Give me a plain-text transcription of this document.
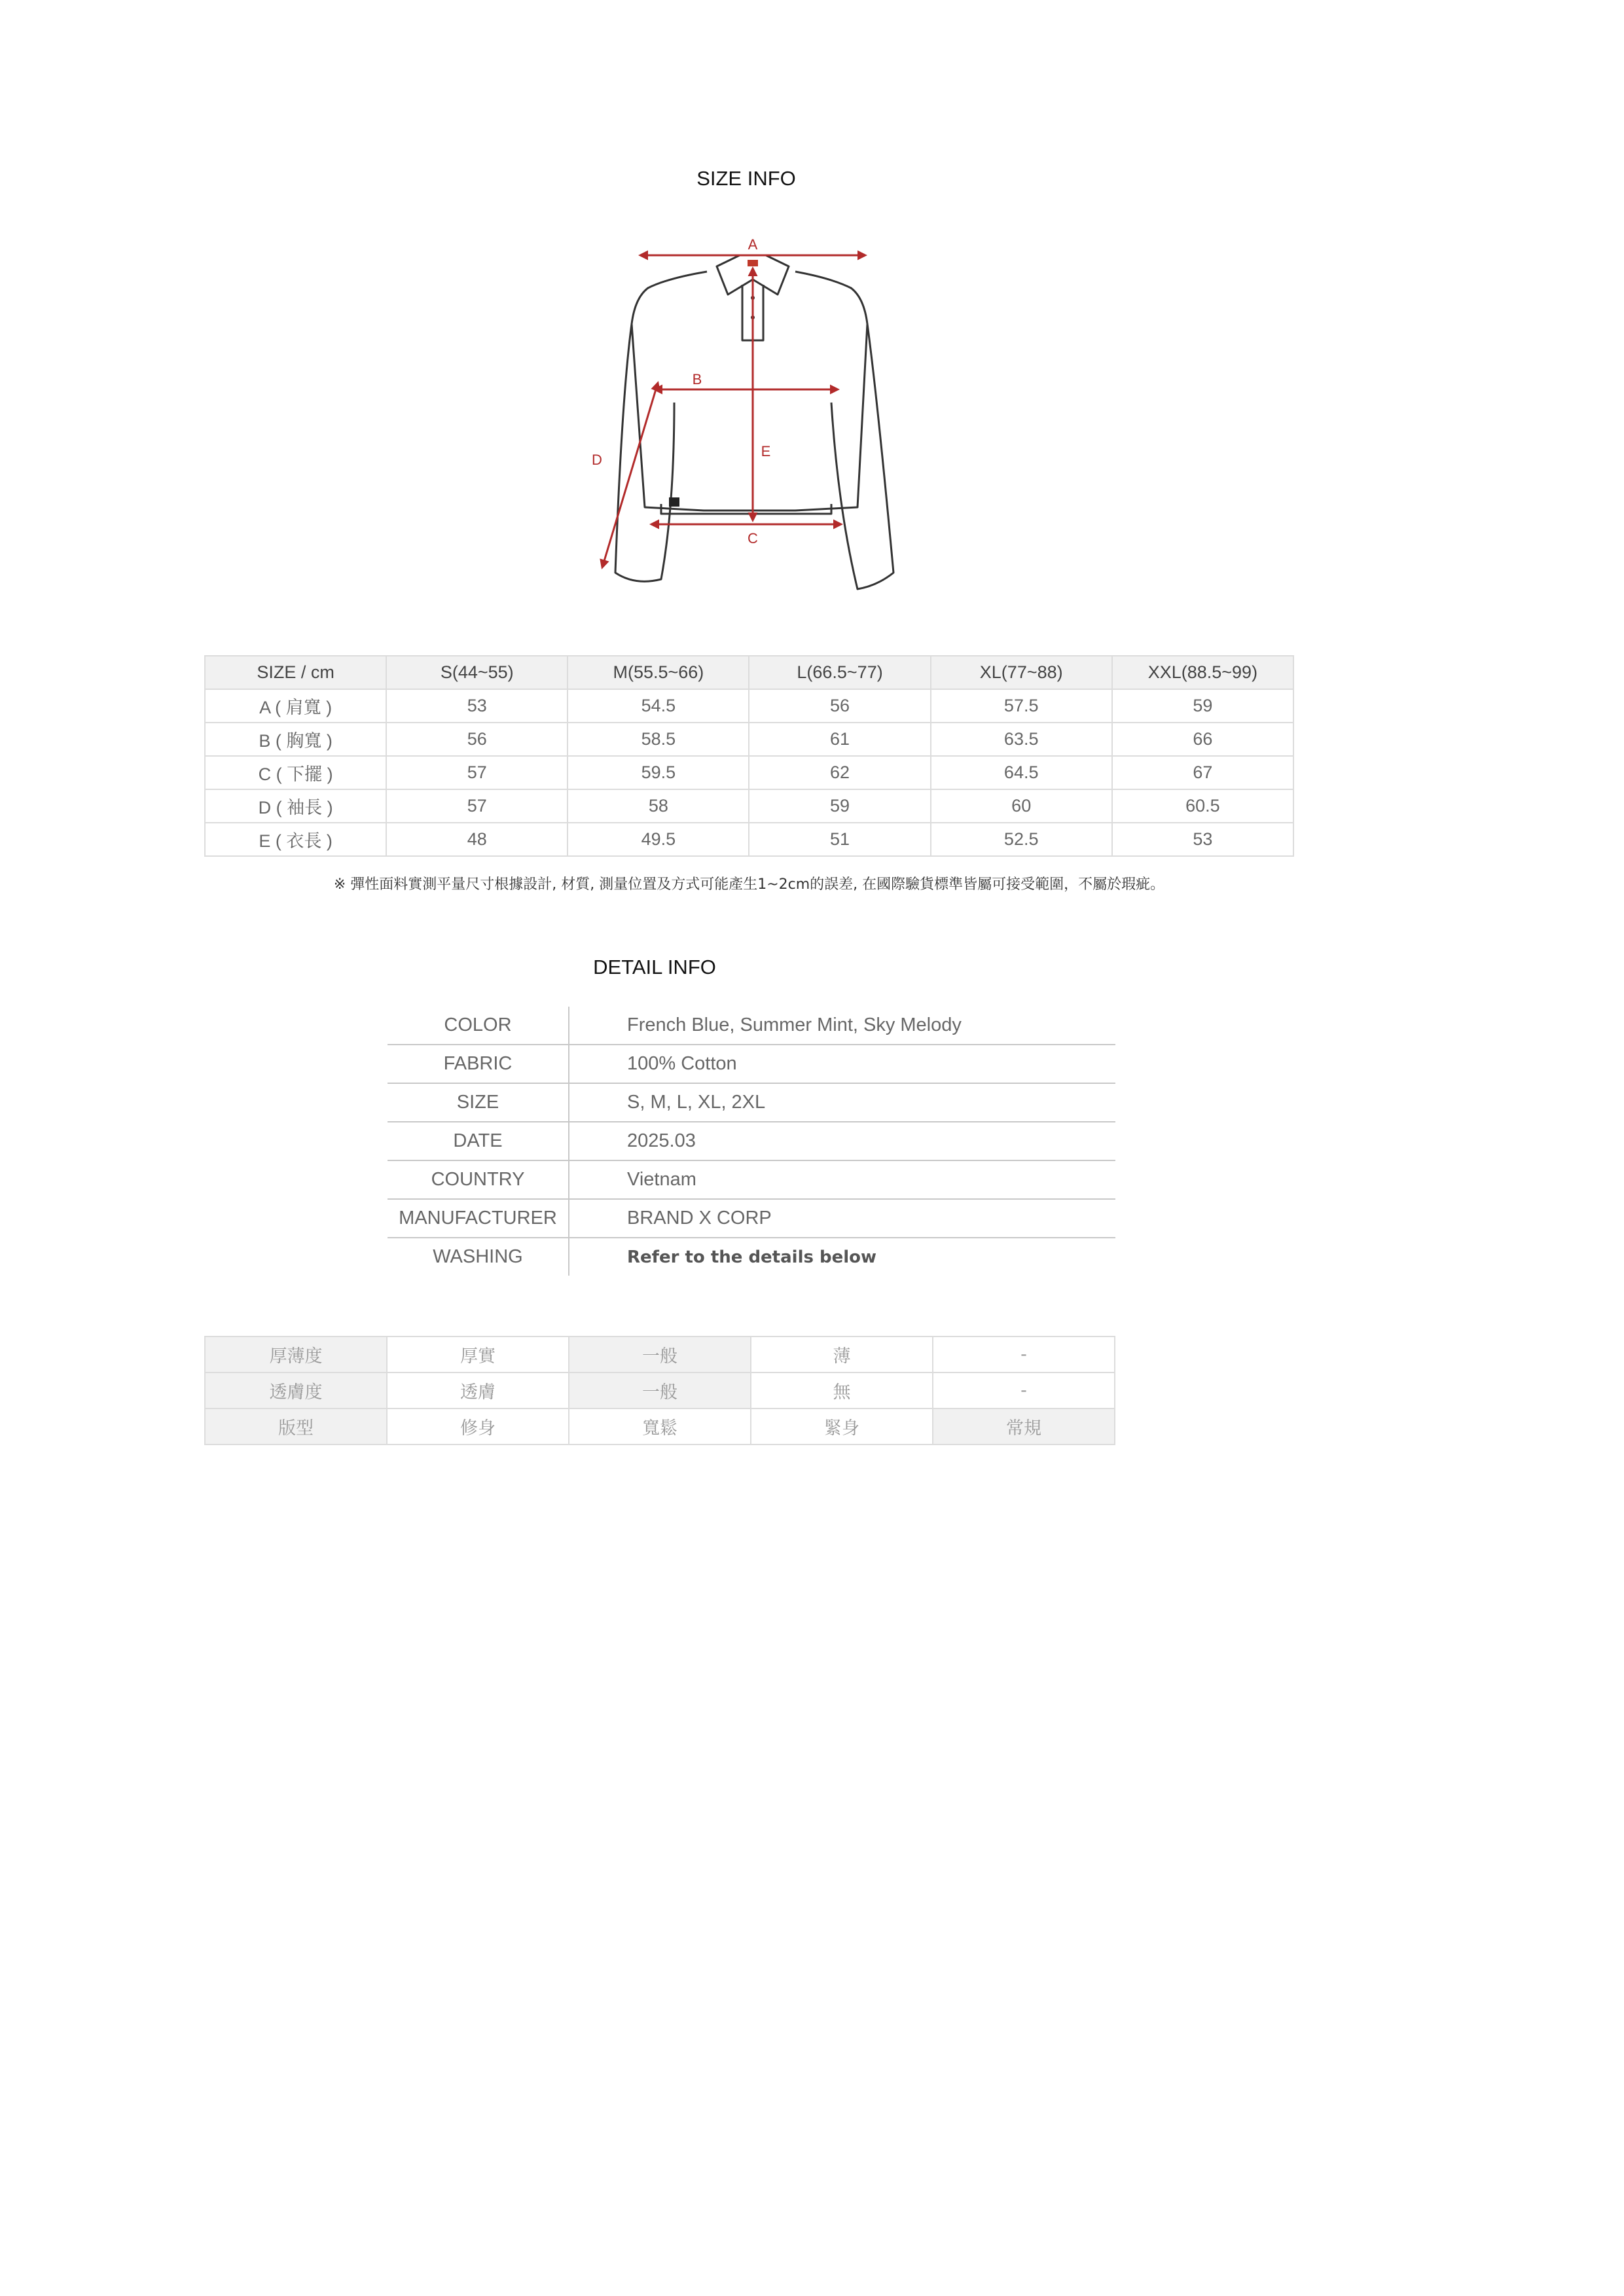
SIZE INFO
A
B
C
D
E
SIZE / cm	S(44~55)	M(55.5~66)	L(66.5~77)	XL(77~88)	XXL(88.5~99)
A ( 肩寬 )	53	54.5	56	57.5	59
B ( 胸寬 )	56	58.5	61	63.5	66
C ( 下擺 )	57	59.5	62	64.5	67
D ( 袖長 )	57	58	59	60	60.5
E ( 衣長 )	48	49.5	51	52.5	53
※ 彈性面料實測平量尺寸根據設計, 材質, 測量位置及方式可能產生1~2cm的誤差, 在國際驗貨標準皆屬可接受範圍，不屬於瑕疵。
DETAIL INFO
COLOR	French Blue, Summer Mint, Sky Melody
FABRIC	100% Cotton
SIZE	S, M, L, XL, 2XL
DATE	2025.03
COUNTRY	Vietnam
MANUFACTURER	BRAND X CORP
WASHING	Refer to the details below
厚薄度	厚實	一般	薄	-
透膚度	透膚	一般	無	-
版型	修身	寬鬆	緊身	常規
